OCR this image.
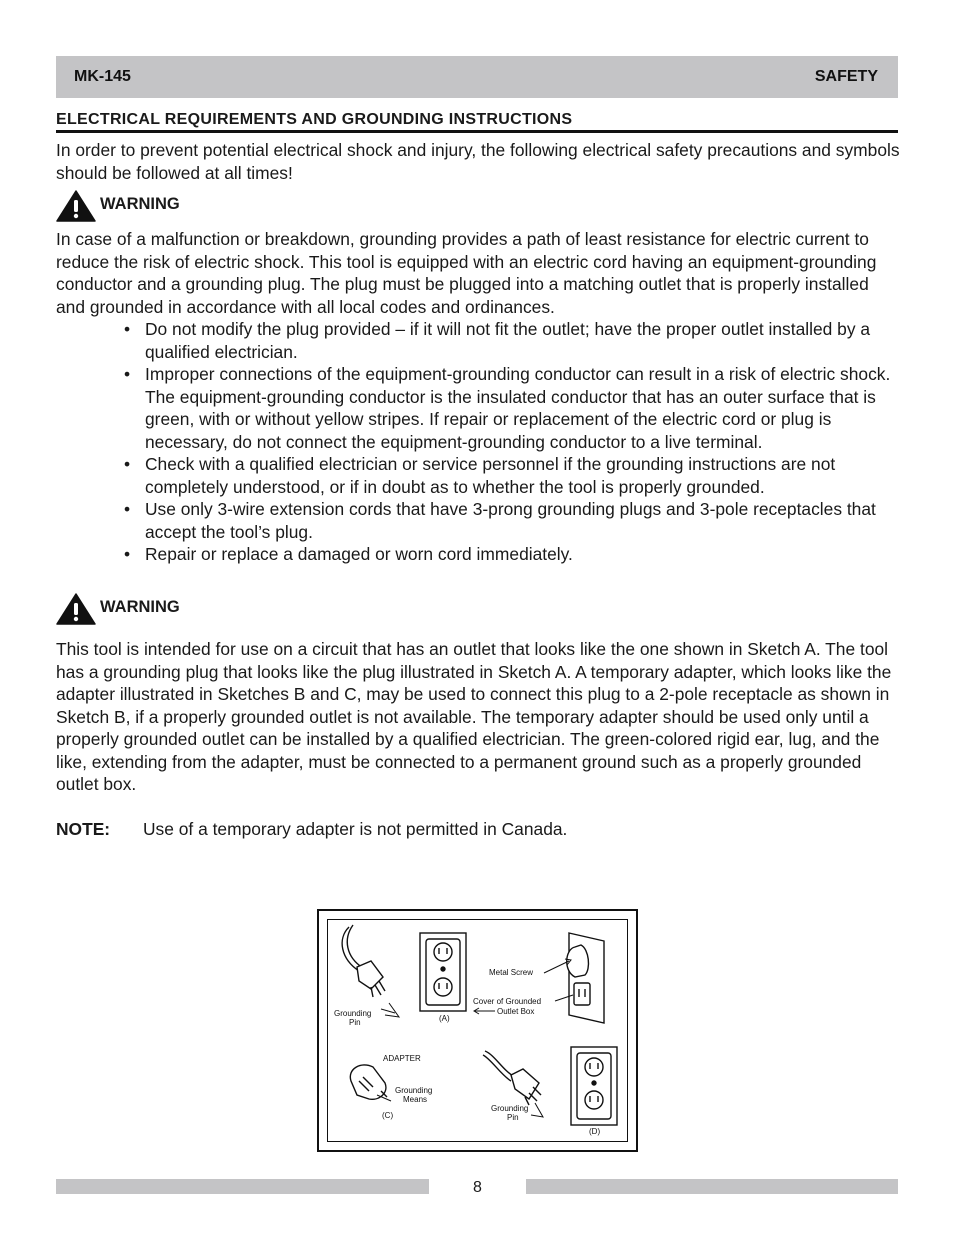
MK-145	SAFETY
ELECTRICAL REQUIREMENTS AND GROUNDING INSTRUCTIONS

In order to prevent potential electrical shock and injury, the following electrical safety precautions and symbols should be followed at all times!

WARNING

In case of a malfunction or breakdown, grounding provides a path of least resistance for electric current to reduce the risk of electric shock. This tool is equipped with an electric cord having an equipment-grounding conductor and a grounding plug. The plug must be plugged into a matching outlet that is properly installed and grounded in accordance with all local codes and ordinances.

• Do not modify the plug provided – if it will not fit the outlet; have the proper outlet installed by a qualified electrician.
• Improper connections of the equipment-grounding conductor can result in a risk of electric shock. The equipment-grounding conductor is the insulated conductor that has an outer surface that is green, with or without yellow stripes. If repair or replacement of the electric cord or plug is necessary, do not connect the equipment-grounding conductor to a live terminal.
• Check with a qualified electrician or service personnel if the grounding instructions are not completely understood, or if in doubt as to whether the tool is properly grounded.
• Use only 3-wire extension cords that have 3-prong grounding plugs and 3-pole receptacles that accept the tool’s plug.
• Repair or replace a damaged or worn cord immediately.
WARNING

This tool is intended for use on a circuit that has an outlet that looks like the one shown in Sketch A. The tool has a grounding plug that looks like the plug illustrated in Sketch A. A temporary adapter, which looks like the adapter illustrated in Sketches B and C, may be used to connect this plug to a 2-pole receptacle as shown in Sketch B, if a properly grounded outlet is not available. The temporary adapter should be used only until a properly grounded outlet can be installed by a qualified electrician. The green-colored rigid ear, lug, and the like, extending from the adapter, must be connected to a permanent ground such as a properly grounded outlet box.

NOTE:	Use of a temporary adapter is not permitted in Canada.
Grounding
Pin	(A)
Metal Screw
Cover of Grounded
Outlet Box
ADAPTER
Grounding
Means
(C)
Grounding
Pin
(D)
8
